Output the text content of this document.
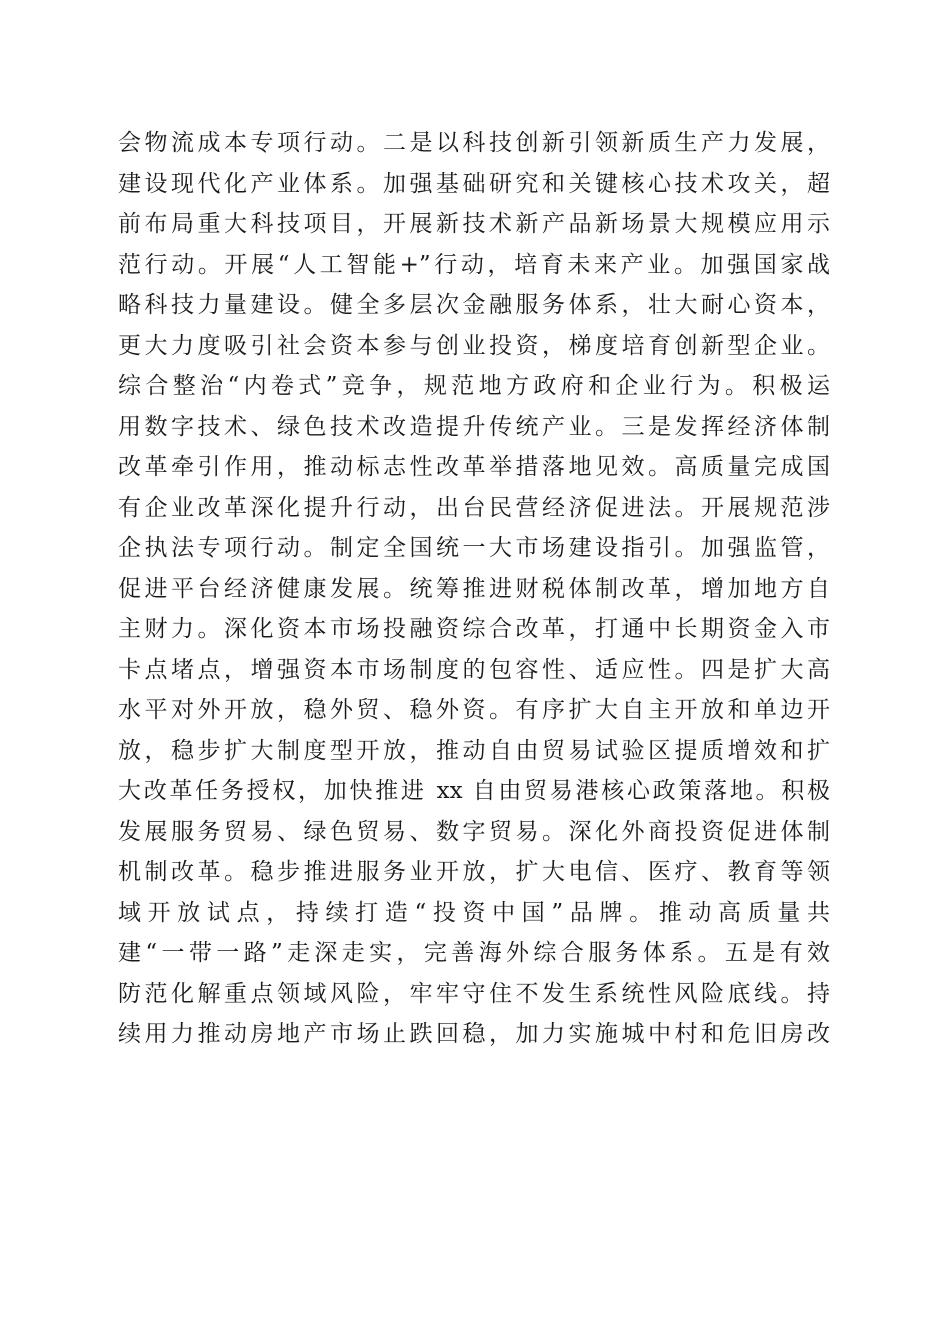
会物流成本专项行动。二是以科技创新引领新质生产力发展，
建设现代化产业体系。加强基础研究和关键核心技术攻关，超
前布局重大科技项目，开展新技术新产品新场景大规模应用示
范行动。开展“人工智能+”行动，培育未来产业。加强国家战
略科技力量建设。健全多层次金融服务体系，壮大耐心资本，
更大力度吸引社会资本参与创业投资，梯度培育创新型企业。
综合整治“内卷式”竞争，规范地方政府和企业行为。积极运
用数字技术、绿色技术改造提升传统产业。三是发挥经济体制
改革牵引作用，推动标志性改革举措落地见效。高质量完成国
有企业改革深化提升行动，出台民营经济促进法。开展规范涉
企执法专项行动。制定全国统一大市场建设指引。加强监管，
促进平台经济健康发展。统筹推进财税体制改革，增加地方自
主财力。深化资本市场投融资综合改革，打通中长期资金入市
卡点堵点，增强资本市场制度的包容性、适应性。四是扩大高
水平对外开放，稳外贸、稳外资。有序扩大自主开放和单边开
放，稳步扩大制度型开放，推动自由贸易试验区提质增效和扩
大改革任务授权，加快推进 xx 自由贸易港核心政策落地。积极
发展服务贸易、绿色贸易、数字贸易。深化外商投资促进体制
机制改革。稳步推进服务业开放，扩大电信、医疗、教育等领
域开放试点，持续打造“投资中国”品牌。推动高质量共
建“一带一路”走深走实，完善海外综合服务体系。五是有效
防范化解重点领域风险，牢牢守住不发生系统性风险底线。持
续用力推动房地产市场止跌回稳，加力实施城中村和危旧房改
